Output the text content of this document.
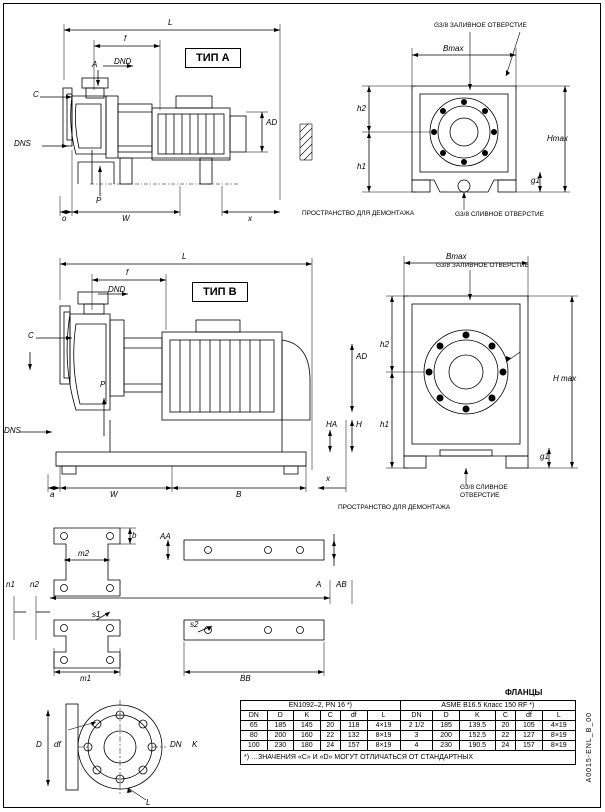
ТИП А
L
f
DND
A
C
DNS
AD
P
o	W	x
h2
h1
Bmax
Hmax
g1
G3/8 ЗАЛИВНОЕ ОТВЕРСТИЕ
G3/8 СЛИВНОЕ ОТВЕРСТИЕ
ПРОСТРАНСТВО ДЛЯ ДЕМОНТАЖА
ТИП В
L
f
DND
C
DNS
AD
P
HA H
a	W	B
x
h2
h1
Bmax
H max
g1
G3/8 ЗАЛИВНОЕ ОТВЕРСТИЕ
G3/8 СЛИВНОЕ ОТВЕРСТИЕ
ПРОСТРАНСТВО ДЛЯ ДЕМОНТАЖА
b	AA
m2
n1 n2	A AB
s1
s2
m1	BB
D df	DN K
L
ФЛАНЦЫ
EN1092–2, PN 16 *)						ASME B16.5 Класс 150 RF *)					
DN	D	K	C	df	L	DN	D	K	C	df	L
65	185	145	20	118	4×19	2 1/2	185	139.5	20	105	4×19
80	200	160	22	132	8×19	3	200	152.5	22	127	8×19
100	230	180	24	157	8×19	4	230	190.5	24	157	8×19
*) …ЗНАЧЕНИЯ «С» И «D» МОГУТ ОТЛИЧАТЬСЯ ОТ СТАНДАРТНЫХ												A0015-ENL_B_00
